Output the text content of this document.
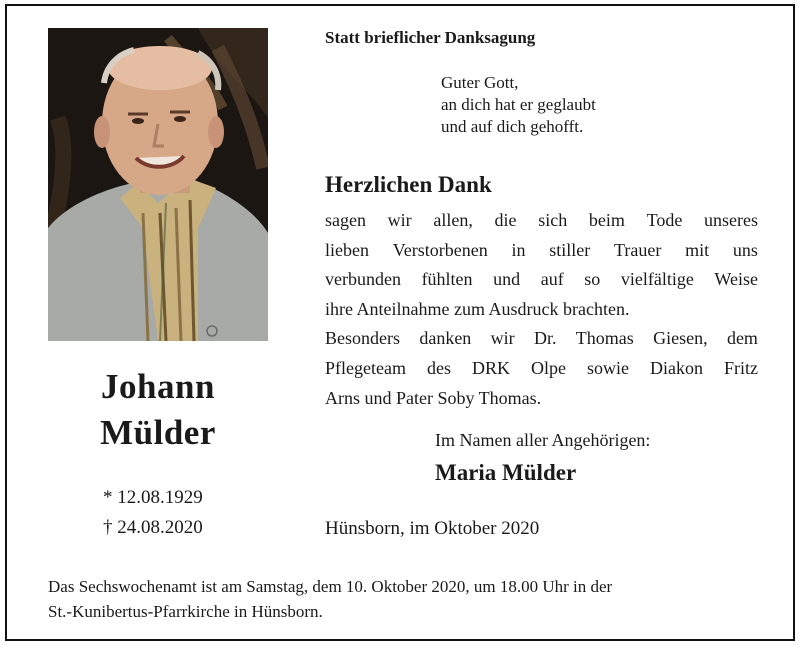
Johann
Mülder
* 12.08.1929
† 24.08.2020
Statt brieflicher Danksagung
Guter Gott,
an dich hat er geglaubt
und auf dich gehofft.
Herzlichen Dank
sagen wir allen, die sich beim Tode unseres
lieben Verstorbenen in stiller Trauer mit uns
verbunden fühlten und auf so vielfältige Weise
ihre Anteilnahme zum Ausdruck brachten.
Besonders danken wir Dr. Thomas Giesen, dem
Pflegeteam des DRK Olpe sowie Diakon Fritz
Arns und Pater Soby Thomas.
Im Namen aller Angehörigen:
Maria Mülder
Hünsborn, im Oktober 2020
Das Sechswochenamt ist am Samstag, dem 10. Oktober 2020, um 18.00 Uhr in der
St.-Kunibertus-Pfarrkirche in Hünsborn.
